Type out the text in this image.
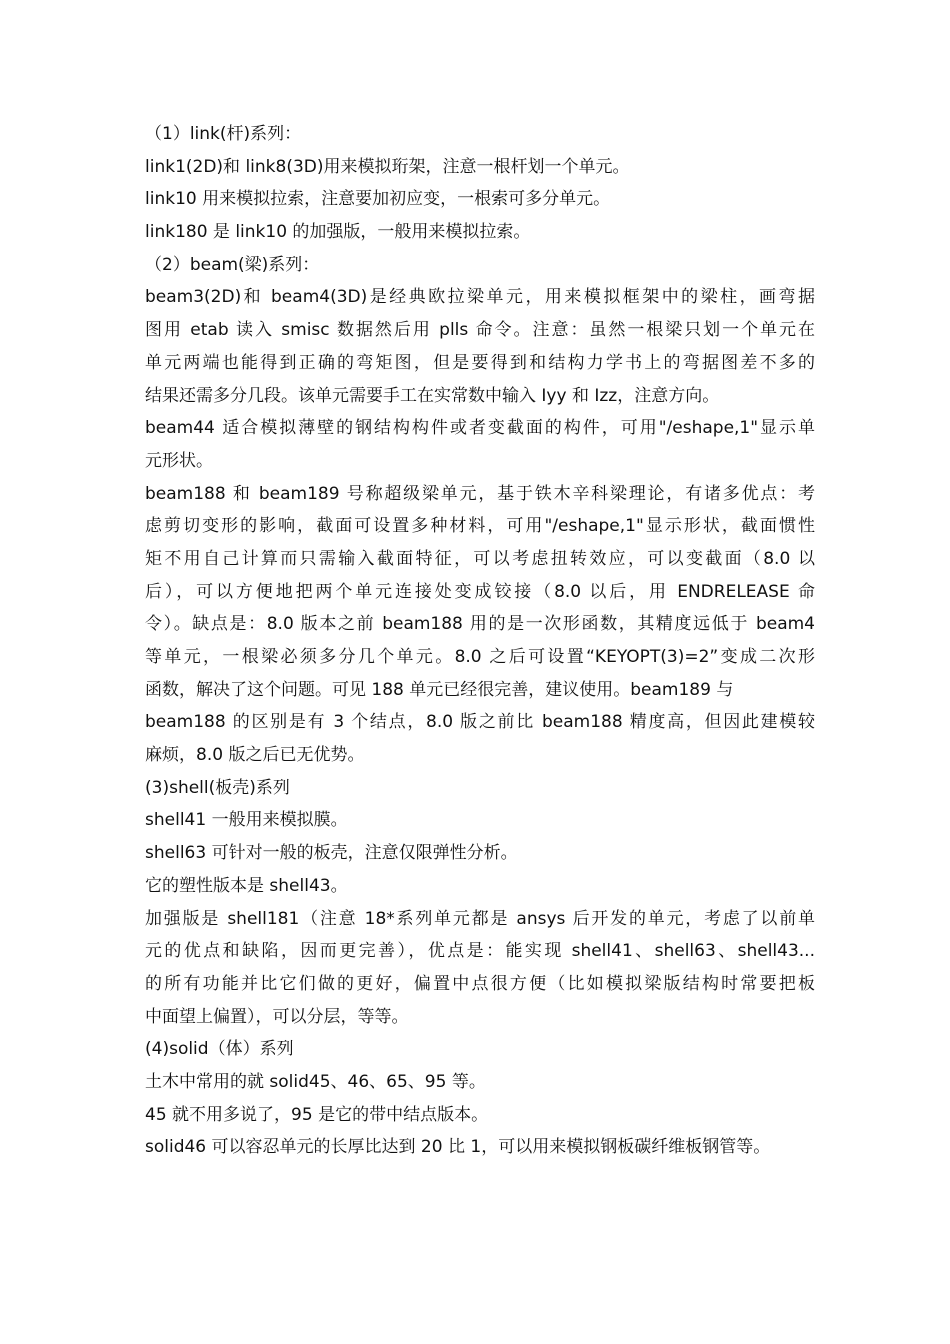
（1）link(杆)系列：
link1(2D)和 link8(3D)用来模拟珩架，注意一根杆划一个单元。
link10 用来模拟拉索，注意要加初应变，一根索可多分单元。
link180 是 link10 的加强版，一般用来模拟拉索。
（2）beam(梁)系列：
beam3(2D)和 beam4(3D)是经典欧拉梁单元，用来模拟框架中的梁柱，画弯据
图用 etab 读入 smisc 数据然后用 plls 命令。注意：虽然一根梁只划一个单元在
单元两端也能得到正确的弯矩图，但是要得到和结构力学书上的弯据图差不多的
结果还需多分几段。该单元需要手工在实常数中输入 Iyy 和 Izz，注意方向。
beam44 适合模拟薄壁的钢结构构件或者变截面的构件，可用"/eshape,1"显示单
元形状。
beam188 和 beam189 号称超级梁单元，基于铁木辛科梁理论，有诸多优点：考
虑剪切变形的影响，截面可设置多种材料，可用"/eshape,1"显示形状，截面惯性
矩不用自己计算而只需输入截面特征，可以考虑扭转效应，可以变截面（8.0 以
后），可以方便地把两个单元连接处变成铰接（8.0 以后，用 ENDRELEASE 命
令）。缺点是：8.0 版本之前 beam188 用的是一次形函数，其精度远低于 beam4
等单元，一根梁必须多分几个单元。8.0 之后可设置“KEYOPT(3)=2”变成二次形
函数，解决了这个问题。可见 188 单元已经很完善，建议使用。beam189 与
beam188 的区别是有 3 个结点，8.0 版之前比 beam188 精度高，但因此建模较
麻烦，8.0 版之后已无优势。
(3)shell(板壳)系列
shell41 一般用来模拟膜。
shell63 可针对一般的板壳，注意仅限弹性分析。
它的塑性版本是 shell43。
加强版是 shell181（注意 18*系列单元都是 ansys 后开发的单元，考虑了以前单
元的优点和缺陷，因而更完善），优点是：能实现 shell41、shell63、shell43...
的所有功能并比它们做的更好，偏置中点很方便（比如模拟梁版结构时常要把板
中面望上偏置），可以分层，等等。
(4)solid（体）系列
土木中常用的就 solid45、46、65、95 等。
45 就不用多说了，95 是它的带中结点版本。
solid46 可以容忍单元的长厚比达到 20 比 1，可以用来模拟钢板碳纤维板钢管等。
